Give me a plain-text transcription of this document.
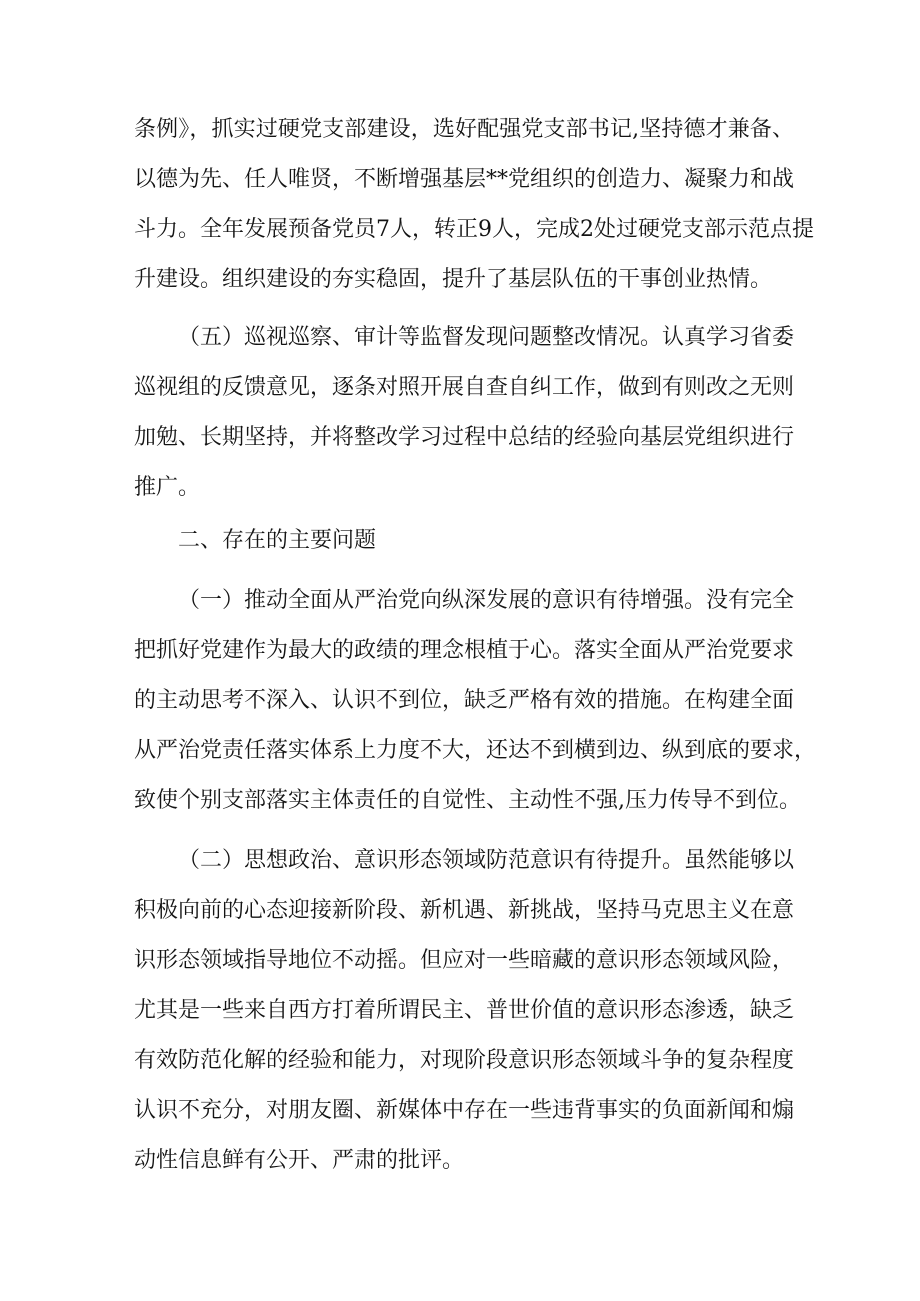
条例》，抓实过硬党支部建设，选好配强党支部书记,坚持德才兼备、
以德为先、任人唯贤，不断增强基层**党组织的创造力、凝聚力和战
斗力。全年发展预备党员7人，转正9人，完成2处过硬党支部示范点提
升建设。组织建设的夯实稳固，提升了基层队伍的干事创业热情。
（五）巡视巡察、审计等监督发现问题整改情况。认真学习省委
巡视组的反馈意见，逐条对照开展自查自纠工作，做到有则改之无则
加勉、长期坚持，并将整改学习过程中总结的经验向基层党组织进行
推广。
二、存在的主要问题
（一）推动全面从严治党向纵深发展的意识有待增强。没有完全
把抓好党建作为最大的政绩的理念根植于心。落实全面从严治党要求
的主动思考不深入、认识不到位，缺乏严格有效的措施。在构建全面
从严治党责任落实体系上力度不大，还达不到横到边、纵到底的要求，
致使个别支部落实主体责任的自觉性、主动性不强,压力传导不到位。
（二）思想政治、意识形态领域防范意识有待提升。虽然能够以
积极向前的心态迎接新阶段、新机遇、新挑战，坚持马克思主义在意
识形态领域指导地位不动摇。但应对一些暗藏的意识形态领域风险，
尤其是一些来自西方打着所谓民主、普世价值的意识形态渗透，缺乏
有效防范化解的经验和能力，对现阶段意识形态领域斗争的复杂程度
认识不充分，对朋友圈、新媒体中存在一些违背事实的负面新闻和煽
动性信息鲜有公开、严肃的批评。
